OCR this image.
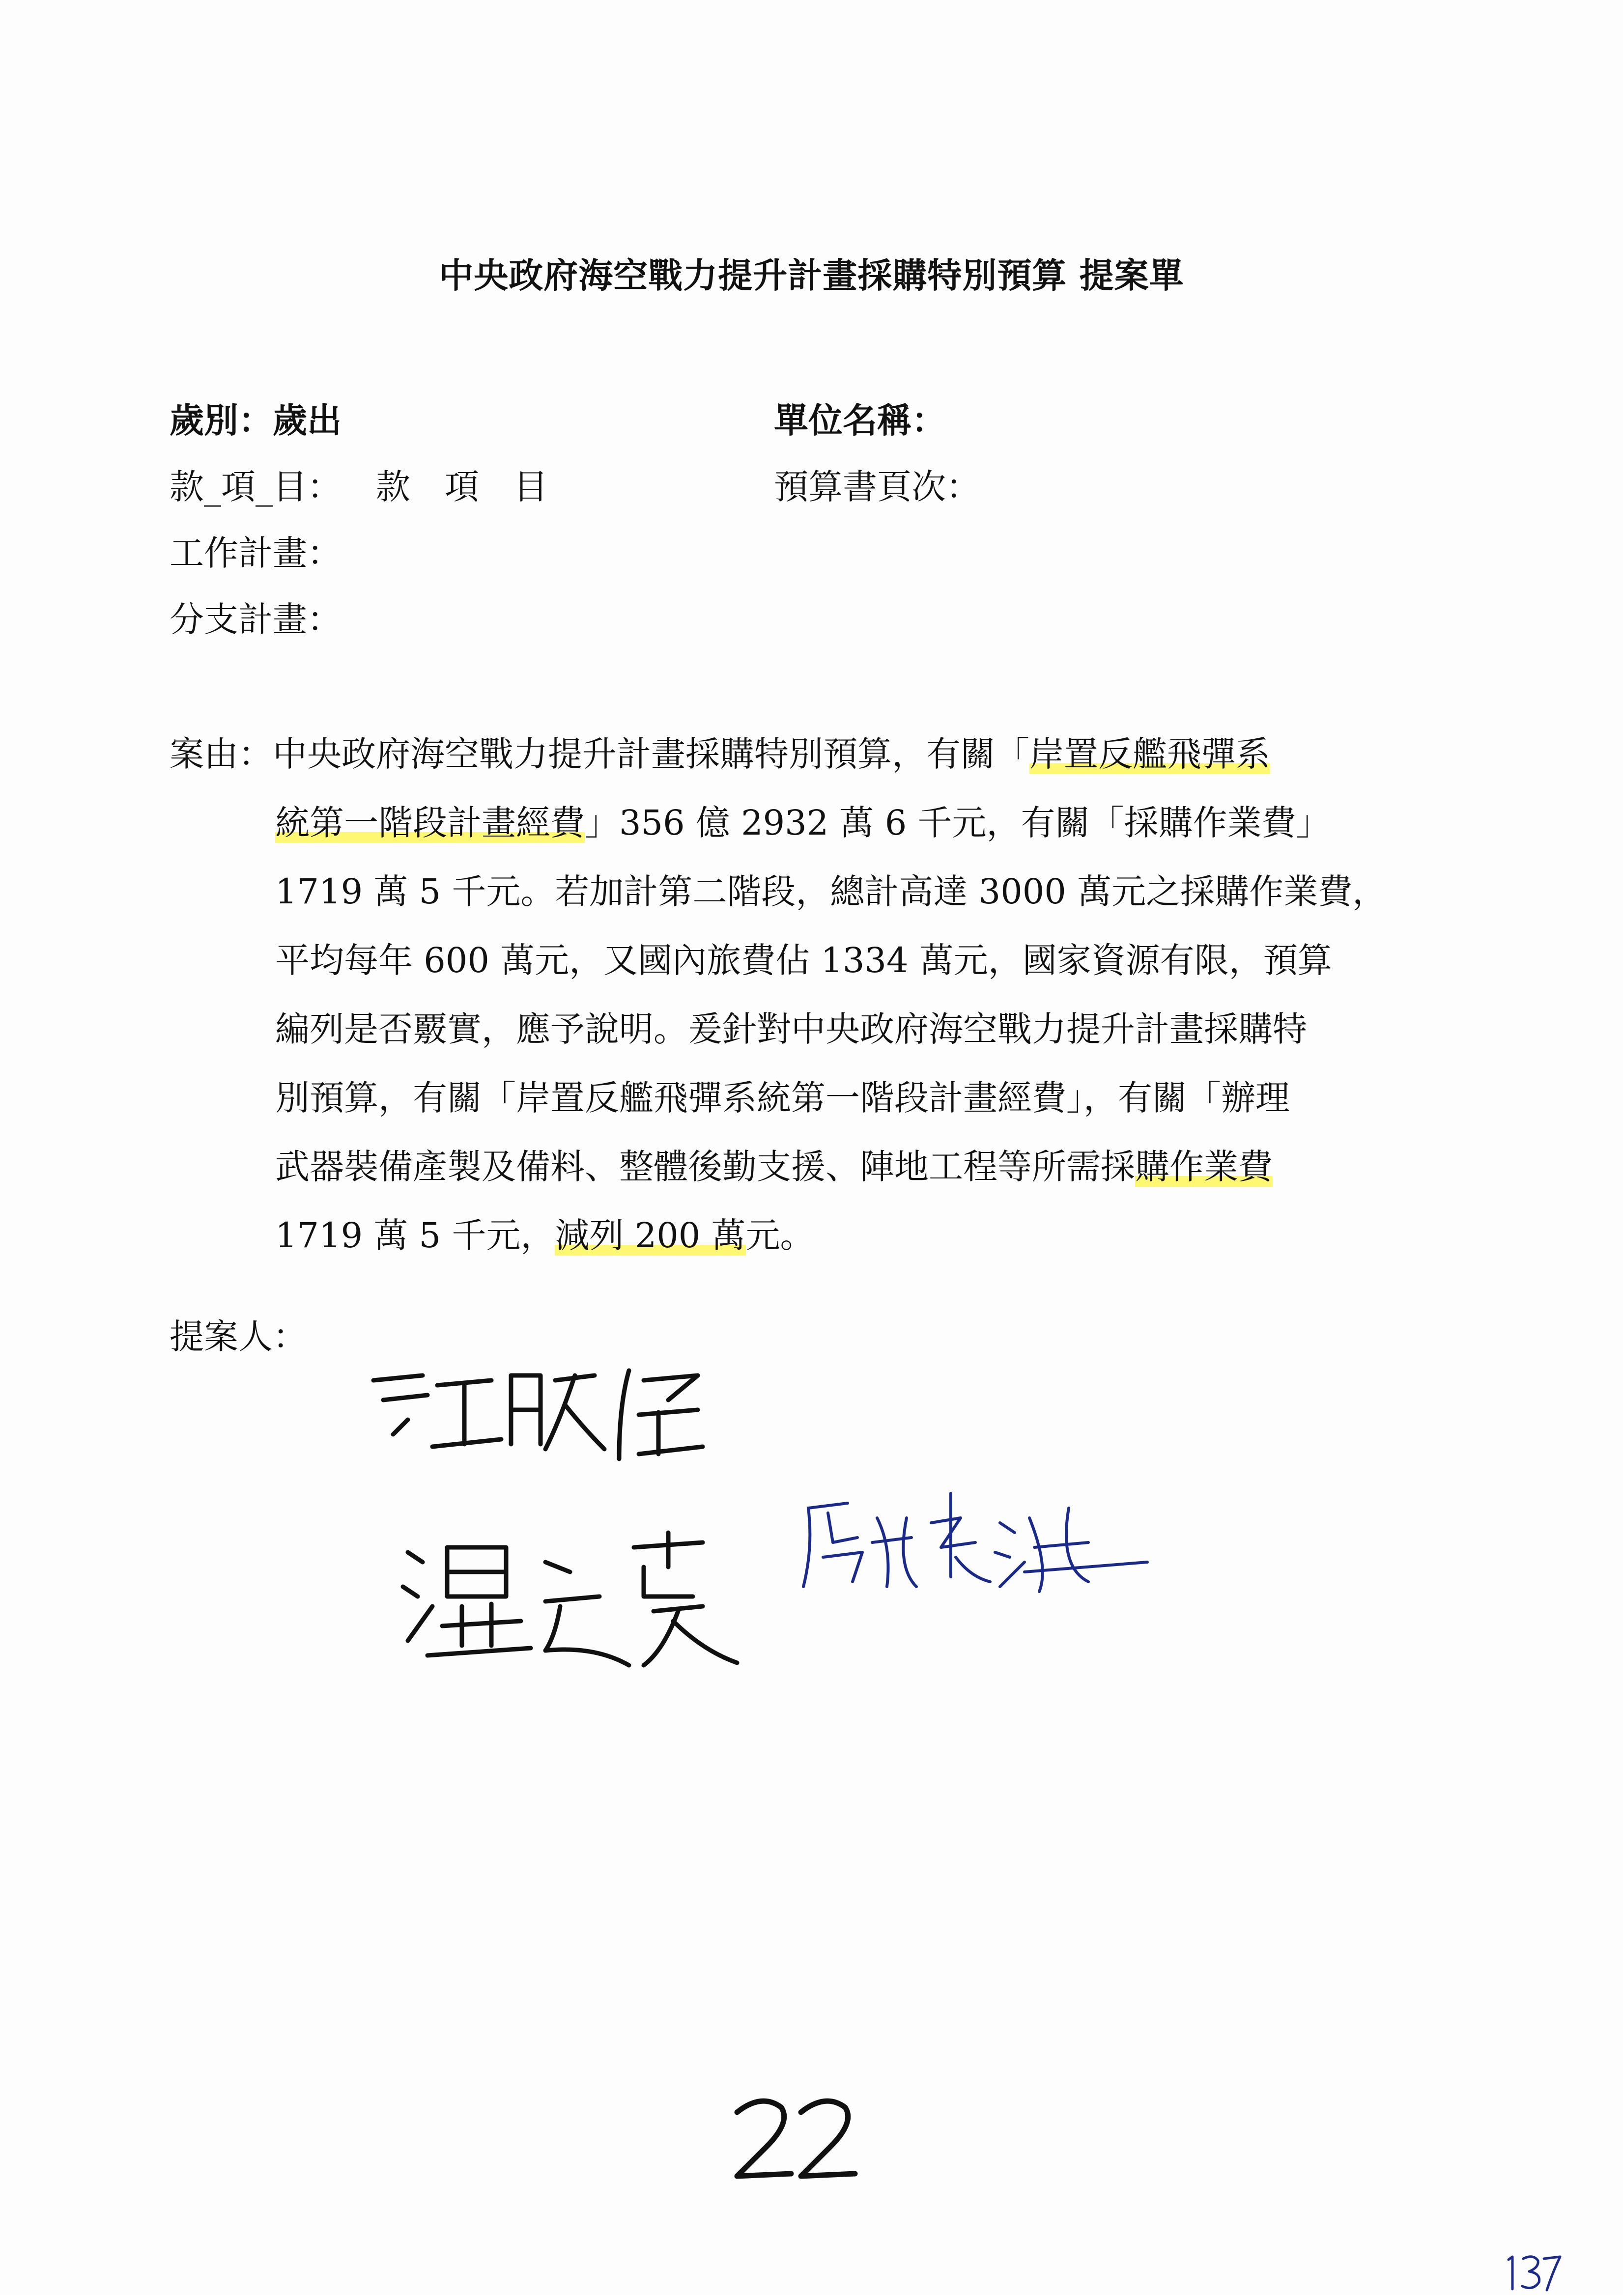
中央政府海空戰力提升計畫採購特別預算 提案單
歲別：歲出	單位名稱：
款_項_目： 款項目	預算書頁次：
工作計畫：
分支計畫：
案由：中央政府海空戰力提升計畫採購特別預算，有關「岸置反艦飛彈系
統第一階段計畫經費」356 億 2932 萬 6 千元，有關「採購作業費」
1719 萬 5 千元。若加計第二階段，總計高達 3000 萬元之採購作業費，
平均每年 600 萬元，又國內旅費佔 1334 萬元，國家資源有限，預算
編列是否覈實，應予說明。爰針對中央政府海空戰力提升計畫採購特
別預算，有關「岸置反艦飛彈系統第一階段計畫經費」，有關「辦理
武器裝備產製及備料、整體後勤支援、陣地工程等所需採購作業費
1719 萬 5 千元，減列 200 萬元。
提案人：
